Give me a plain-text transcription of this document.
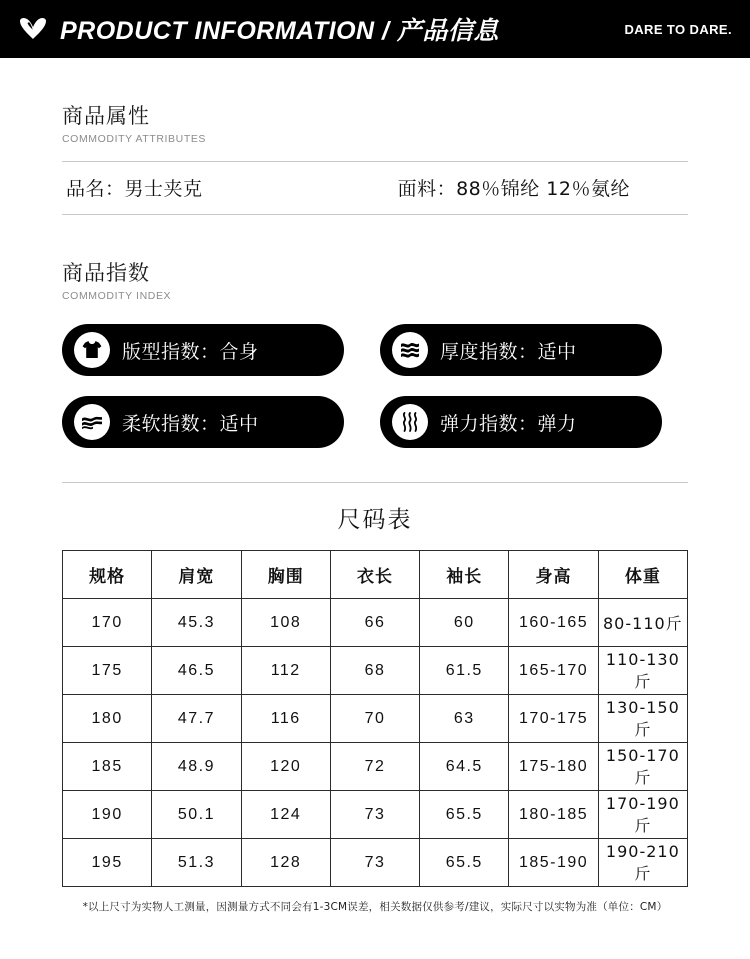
PRODUCT INFORMATION / 产品信息	DARE TO DARE.
商品属性
COMMODITY ATTRIBUTES
品名：男士夹克	面料：88％锦纶 12％氨纶
商品指数
COMMODITY INDEX
版型指数：合身	厚度指数：适中
柔软指数：适中	弹力指数：弹力
尺码表
规格	肩宽	胸围	衣长	袖长	身高	体重
170	45.3	108	66	60	160-165	80-110斤
175	46.5	112	68	61.5	165-170	110-130斤
180	47.7	116	70	63	170-175	130-150斤
185	48.9	120	72	64.5	175-180	150-170斤
190	50.1	124	73	65.5	180-185	170-190斤
195	51.3	128	73	65.5	185-190	190-210斤
*以上尺寸为实物人工测量，因测量方式不同会有1-3CM误差，相关数据仅供参考/建议，实际尺寸以实物为准（单位：CM）
